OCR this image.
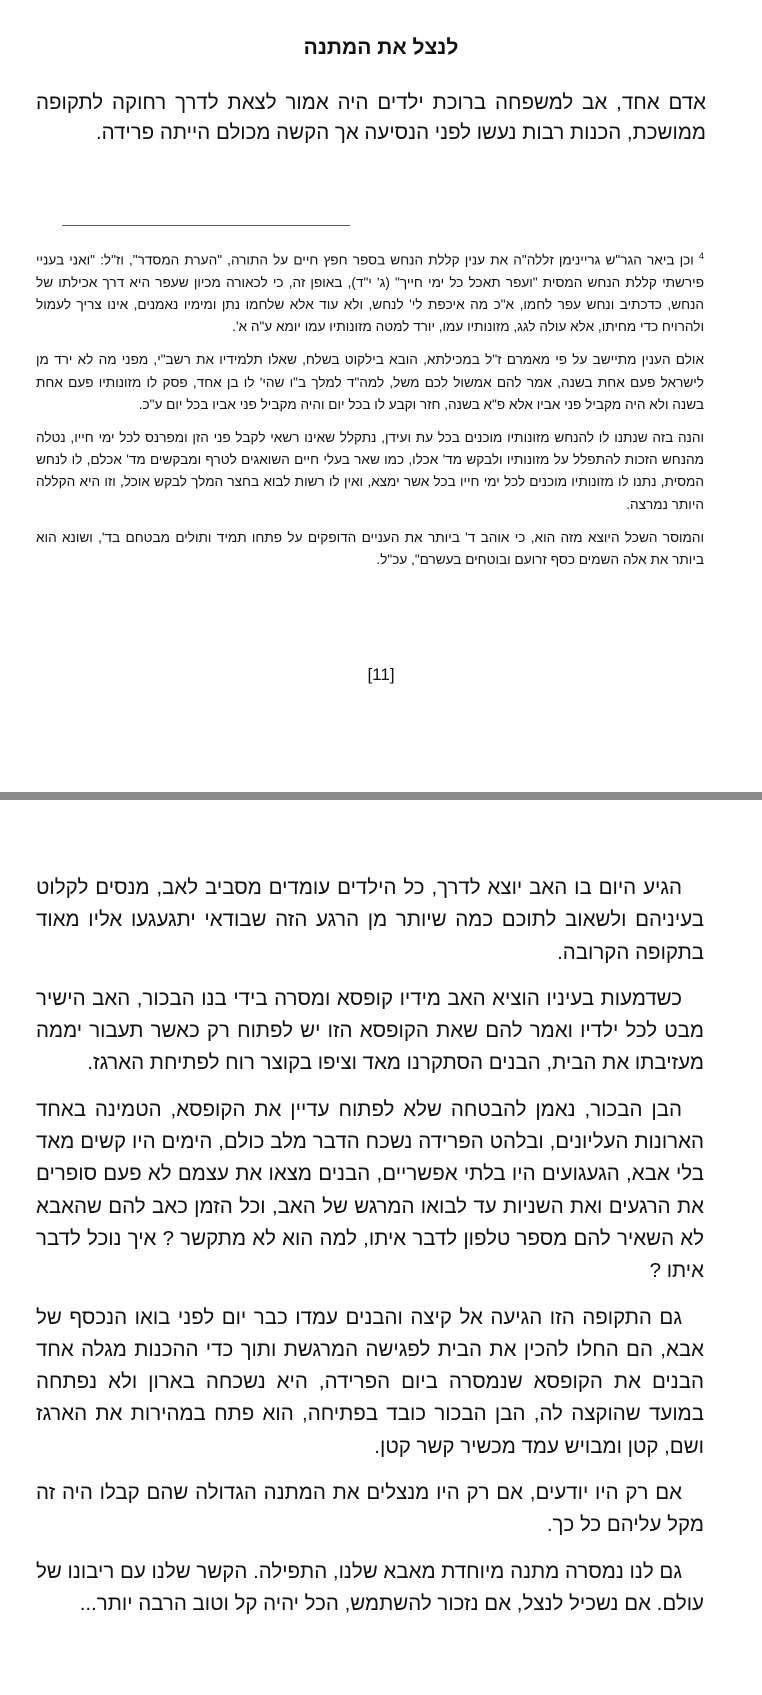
לנצל את המתנה

אדם אחד, אב למשפחה ברוכת ילדים היה אמור לצאת לדרך רחוקה לתקופה ממושכת, הכנות רבות נעשו לפני הנסיעה אך הקשה מכולם הייתה פרידה.

$^4$ וכן ביאר הגר"ש גריינימן זללה"ה את ענין קללת הנחש בספר חפץ חיים על התורה, "הערת המסדר", וז"ל: "ואני בעניי פירשתי קללת הנחש המסית "ועפר תאכל כל ימי חייך" (ג' י"ד), באופן זה, כי לכאורה מכיון שעפר היא דרך אכילתו של הנחש, כדכתיב ונחש עפר לחמו, א"כ מה איכפת לי' לנחש, ולא עוד אלא שלחמו נתן ומימיו נאמנים, אינו צריך לעמול ולהרויח כדי מחיתו, אלא עולה לגג, מזונותיו עמו, יורד למטה מזונותיו עמו יומא ע"ה א'.

אולם הענין מתיישב על פי מאמרם ז"ל במכילתא, הובא בילקוט בשלח, שאלו תלמידיו את רשב"י, מפני מה לא ירד מן לישראל פעם אחת בשנה, אמר להם אמשול לכם משל, למה"ד למלך ב"ו שהי' לו בן אחד, פסק לו מזונותיו פעם אחת בשנה ולא היה מקביל פני אביו אלא פ"א בשנה, חזר וקבע לו בכל יום והיה מקביל פני אביו בכל יום ע"כ.

והנה בזה שנתנו לו להנחש מזונותיו מוכנים בכל עת ועידן, נתקלל שאינו רשאי לקבל פני הזן ומפרנס לכל ימי חייו, נטלה מהנחש הזכות להתפלל על מזונותיו ולבקש מד' אכלו, כמו שאר בעלי חיים השואגים לטרף ומבקשים מד' אכלם, לו לנחש המסית, נתנו לו מזונותיו מוכנים לכל ימי חייו בכל אשר ימצא, ואין לו רשות לבוא בחצר המלך לבקש אוכל, וזו היא הקללה היותר נמרצה.

והמוסר השכל היוצא מזה הוא, כי אוהב ד' ביותר את העניים הדופקים על פתחו תמיד ותולים מבטחם בד', ושונא הוא ביותר את אלה השמים כסף זרועם ובוטחים בעשרם", עכ"ל.

[11]

הגיע היום בו האב יוצא לדרך, כל הילדים עומדים מסביב לאב, מנסים לקלוט בעיניהם ולשאוב לתוכם כמה שיותר מן הרגע הזה שבודאי יתגעגעו אליו מאוד בתקופה הקרובה.

כשדמעות בעיניו הוציא האב מידיו קופסא ומסרה בידי בנו הבכור, האב הישיר מבט לכל ילדיו ואמר להם שאת הקופסא הזו יש לפתוח רק כאשר תעבור יממה מעזיבתו את הבית, הבנים הסתקרנו מאד וציפו בקוצר רוח לפתיחת הארגז.

הבן הבכור, נאמן להבטחה שלא לפתוח עדיין את הקופסא, הטמינה באחד הארונות העליונים, ובלהט הפרידה נשכח הדבר מלב כולם, הימים היו קשים מאד בלי אבא, הגעגועים היו בלתי אפשריים, הבנים מצאו את עצמם לא פעם סופרים את הרגעים ואת השניות עד לבואו המרגש של האב, וכל הזמן כאב להם שהאבא לא השאיר להם מספר טלפון לדבר איתו, למה הוא לא מתקשר ? איך נוכל לדבר איתו ?

גם התקופה הזו הגיעה אל קיצה והבנים עמדו כבר יום לפני בואו הנכסף של אבא, הם החלו להכין את הבית לפגישה המרגשת ותוך כדי ההכנות מגלה אחד הבנים את הקופסא שנמסרה ביום הפרידה, היא נשכחה בארון ולא נפתחה במועד שהוקצה לה, הבן הבכור כובד בפתיחה, הוא פתח במהירות את הארגז ושם, קטן ומבויש עמד מכשיר קשר קטן.

אם רק היו יודעים, אם רק היו מנצלים את המתנה הגדולה שהם קבלו היה זה מקל עליהם כל כך.

גם לנו נמסרה מתנה מיוחדת מאבא שלנו, התפילה. הקשר שלנו עם ריבונו של עולם. אם נשכיל לנצל, אם נזכור להשתמש, הכל יהיה קל וטוב הרבה יותר...
